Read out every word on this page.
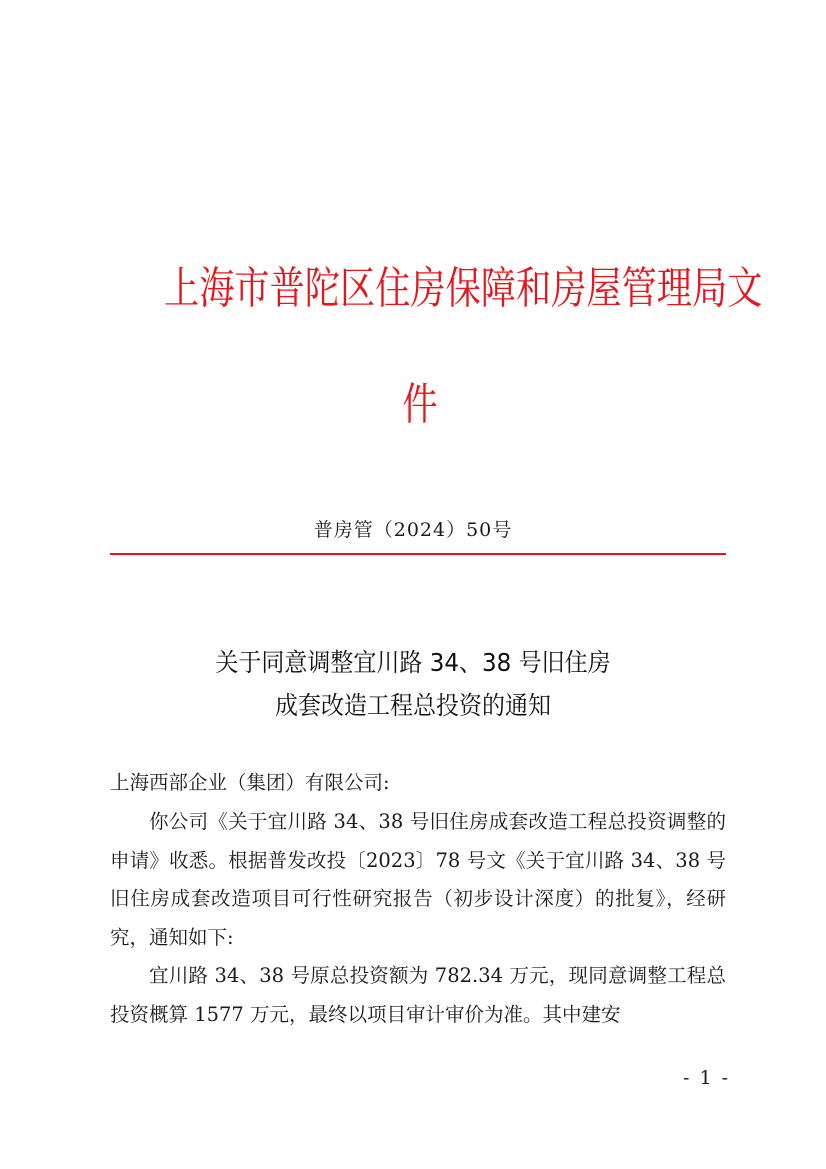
上海市普陀区住房保障和房屋管理局文
件
普房管（2024）50号
关于同意调整宜川路 34、38 号旧住房
成套改造工程总投资的通知
上海西部企业（集团）有限公司:
你公司《关于宜川路 34、38 号旧住房成套改造工程总投资调整的申请》收悉。根据普发改投〔2023〕78 号文《关于宜川路 34、38 号旧住房成套改造项目可行性研究报告（初步设计深度）的批复》，经研究，通知如下:
宜川路 34、38 号原总投资额为 782.34 万元，现同意调整工程总投资概算 1577 万元，最终以项目审计审价为准。其中建安
- 1 -
